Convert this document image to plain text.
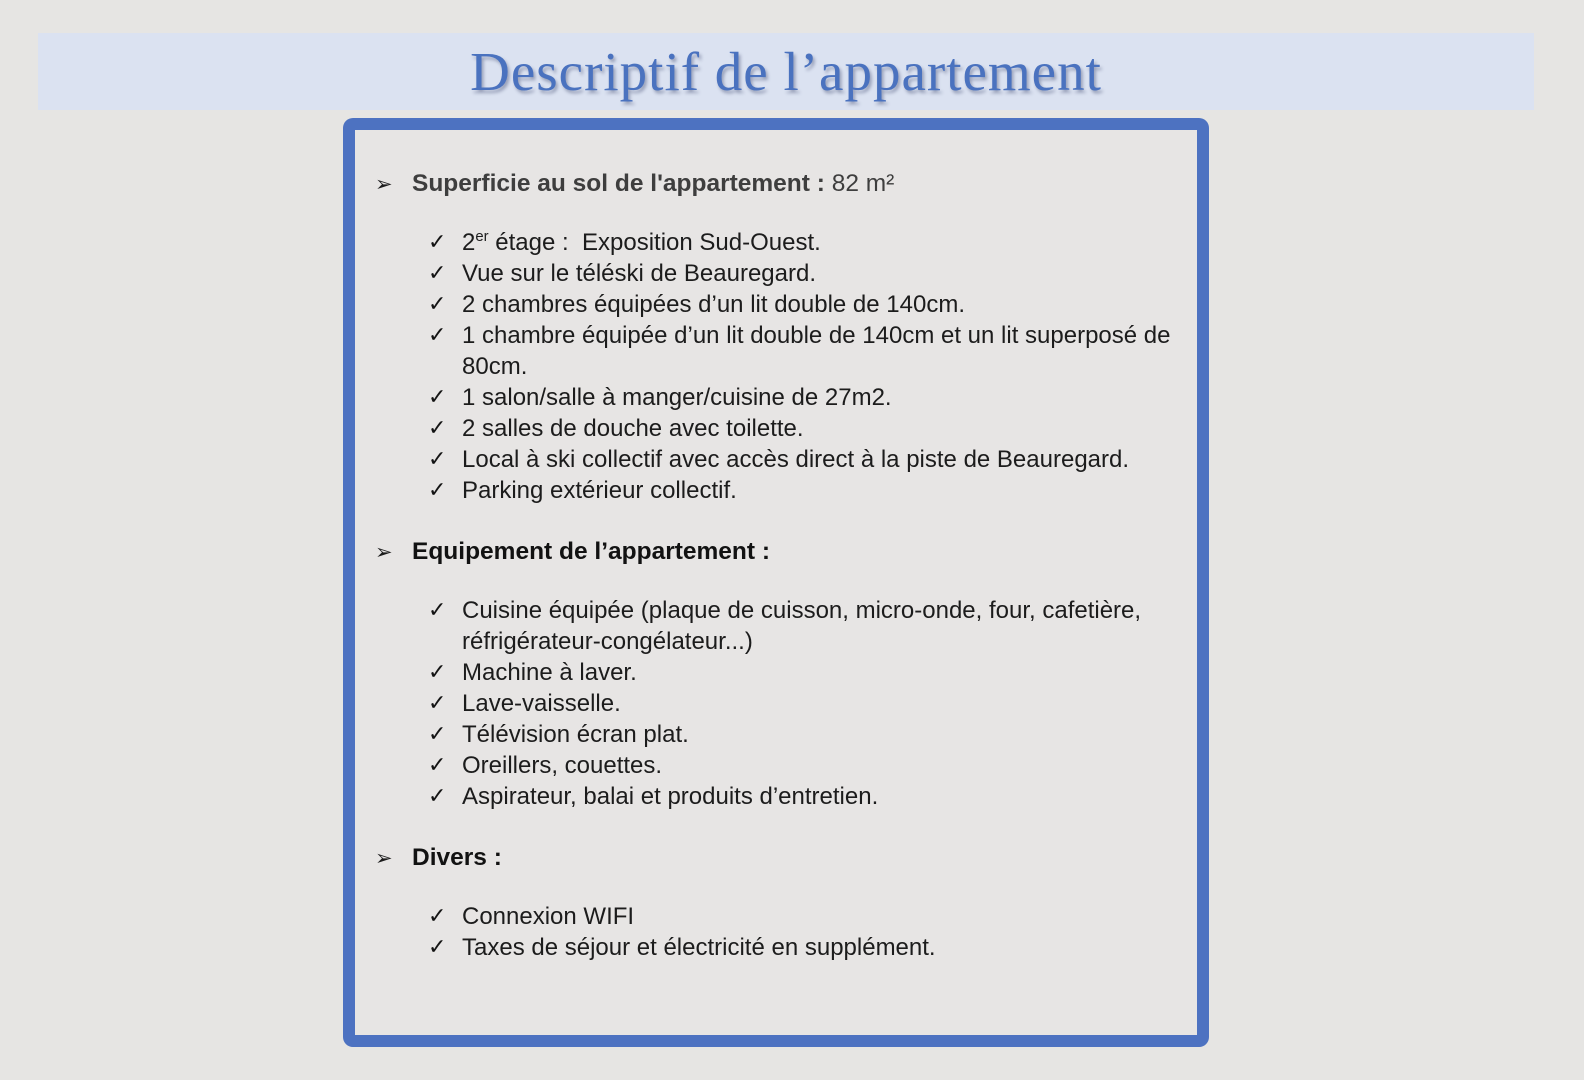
Descriptif de l’appartement
➢ Superficie au sol de l'appartement : 82 m²
✓ 2er étage :  Exposition Sud-Ouest.
✓ Vue sur le téléski de Beauregard.
✓ 2 chambres équipées d’un lit double de 140cm.
✓ 1 chambre équipée d’un lit double de 140cm et un lit superposé de 80cm.
✓ 1 salon/salle à manger/cuisine de 27m2.
✓ 2 salles de douche avec toilette.
✓ Local à ski collectif avec accès direct à la piste de Beauregard.
✓ Parking extérieur collectif.
➢ Equipement de l’appartement :
✓ Cuisine équipée (plaque de cuisson, micro-onde, four, cafetière, réfrigérateur-congélateur...)
✓ Machine à laver.
✓ Lave-vaisselle.
✓ Télévision écran plat.
✓ Oreillers, couettes.
✓ Aspirateur, balai et produits d’entretien.
➢ Divers :
✓ Connexion WIFI
✓ Taxes de séjour et électricité en supplément.
